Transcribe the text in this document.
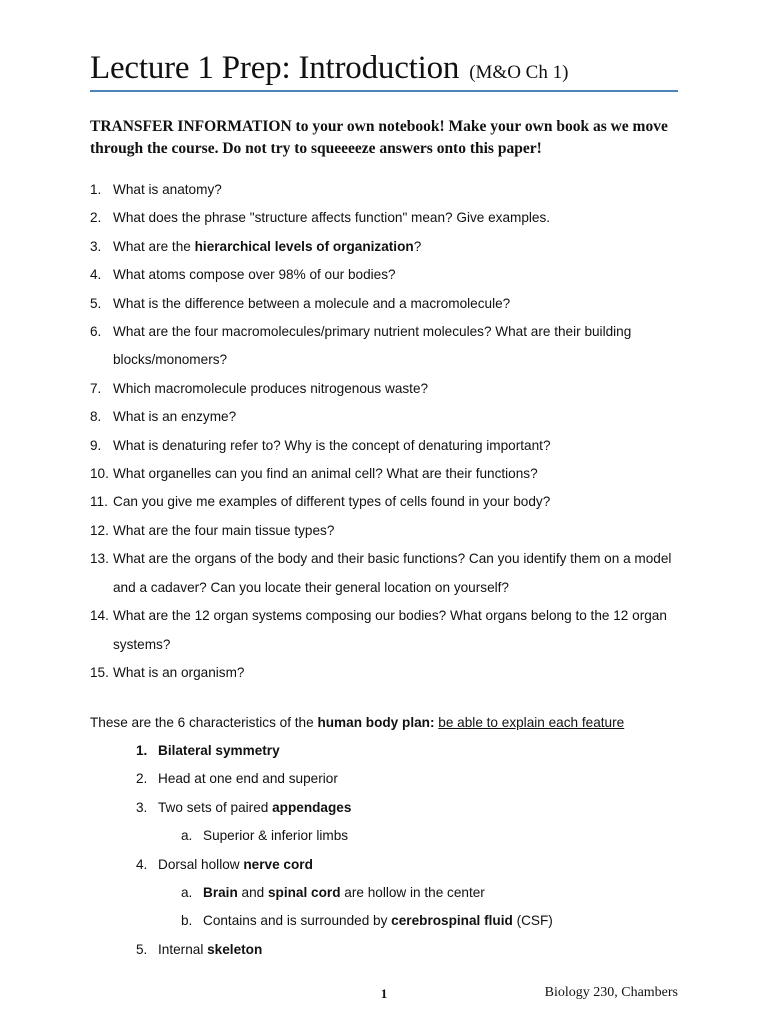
Lecture 1 Prep: Introduction (M&O Ch 1)
TRANSFER INFORMATION to your own notebook! Make your own book as we move through the course. Do not try to squeeeeze answers onto this paper!
1. What is anatomy?
2. What does the phrase "structure affects function" mean? Give examples.
3. What are the hierarchical levels of organization?
4. What atoms compose over 98% of our bodies?
5. What is the difference between a molecule and a macromolecule?
6. What are the four macromolecules/primary nutrient molecules? What are their building blocks/monomers?
7. Which macromolecule produces nitrogenous waste?
8. What is an enzyme?
9. What is denaturing refer to? Why is the concept of denaturing important?
10. What organelles can you find an animal cell? What are their functions?
11. Can you give me examples of different types of cells found in your body?
12. What are the four main tissue types?
13. What are the organs of the body and their basic functions? Can you identify them on a model and a cadaver? Can you locate their general location on yourself?
14. What are the 12 organ systems composing our bodies? What organs belong to the 12 organ systems?
15. What is an organism?
These are the 6 characteristics of the human body plan: be able to explain each feature
1. Bilateral symmetry
2. Head at one end and superior
3. Two sets of paired appendages
a. Superior & inferior limbs
4. Dorsal hollow nerve cord
a. Brain and spinal cord are hollow in the center
b. Contains and is surrounded by cerebrospinal fluid (CSF)
5. Internal skeleton
1	Biology 230, Chambers
